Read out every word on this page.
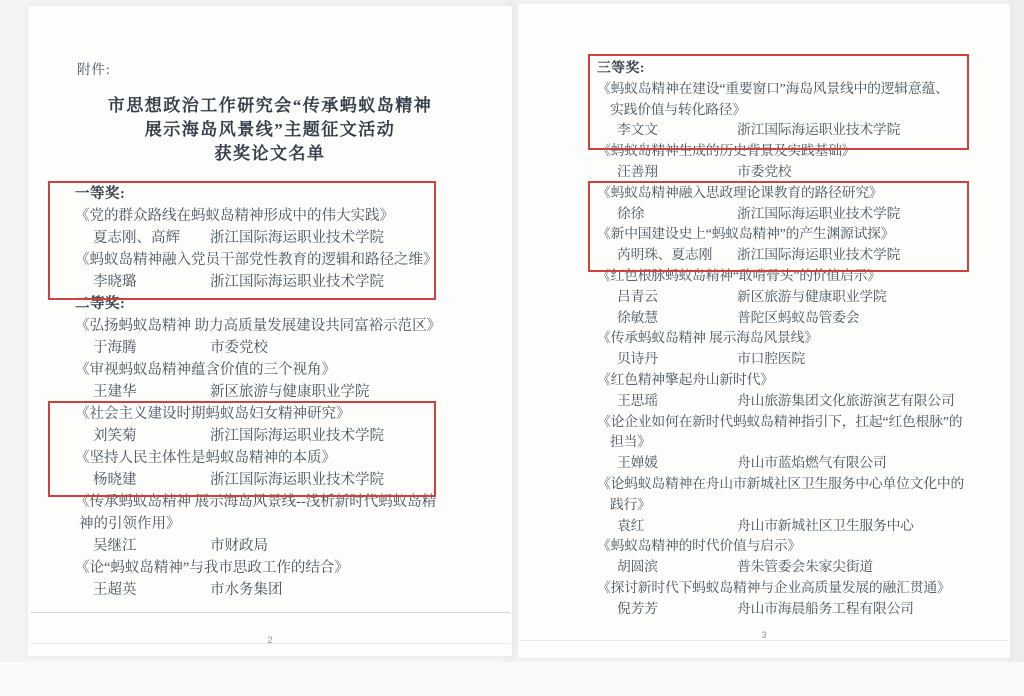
附件:
市思想政治工作研究会“传承蚂蚁岛精神
展示海岛风景线”主题征文活动
获奖论文名单
一等奖:
《党的群众路线在蚂蚁岛精神形成中的伟大实践》
夏志刚、高辉 浙江国际海运职业技术学院
《蚂蚁岛精神融入党员干部党性教育的逻辑和路径之维》
李晓璐	浙江国际海运职业技术学院
二等奖:
《弘扬蚂蚁岛精神 助力高质量发展建设共同富裕示范区》
于海腾	市委党校
《审视蚂蚁岛精神蕴含价值的三个视角》
王建华	新区旅游与健康职业学院
《社会主义建设时期蚂蚁岛妇女精神研究》
刘笑菊	浙江国际海运职业技术学院
《坚持人民主体性是蚂蚁岛精神的本质》
杨晓建	浙江国际海运职业技术学院
《传承蚂蚁岛精神 展示海岛风景线--浅析新时代蚂蚁岛精
神的引领作用》
吴继江	市财政局
《论“蚂蚁岛精神”与我市思政工作的结合》
王超英	市水务集团
2
三等奖:
《蚂蚁岛精神在建设“重要窗口”海岛风景线中的逻辑意蕴、
实践价值与转化路径》
李文文	浙江国际海运职业技术学院
《蚂蚁岛精神生成的历史背景及实践基础》
汪善翔	市委党校
《蚂蚁岛精神融入思政理论课教育的路径研究》
徐徐	浙江国际海运职业技术学院
《新中国建设史上“蚂蚁岛精神”的产生渊源试探》
芮明珠、夏志刚 浙江国际海运职业技术学院
《红色根脉蚂蚁岛精神“敢啃骨头”的价值启示》
吕青云	新区旅游与健康职业学院
徐敏慧	普陀区蚂蚁岛管委会
《传承蚂蚁岛精神 展示海岛风景线》
贝诗丹	市口腔医院
《红色精神擎起舟山新时代》
王思瑶	舟山旅游集团文化旅游演艺有限公司
《论企业如何在新时代蚂蚁岛精神指引下，扛起“红色根脉”的
担当》
王婵媛	舟山市蓝焰燃气有限公司
《论蚂蚁岛精神在舟山市新城社区卫生服务中心单位文化中的
践行》
袁红	舟山市新城社区卫生服务中心
《蚂蚁岛精神的时代价值与启示》
胡圆滨	普朱管委会朱家尖街道
《探讨新时代下蚂蚁岛精神与企业高质量发展的融汇贯通》
倪芳芳	舟山市海晨船务工程有限公司
3
